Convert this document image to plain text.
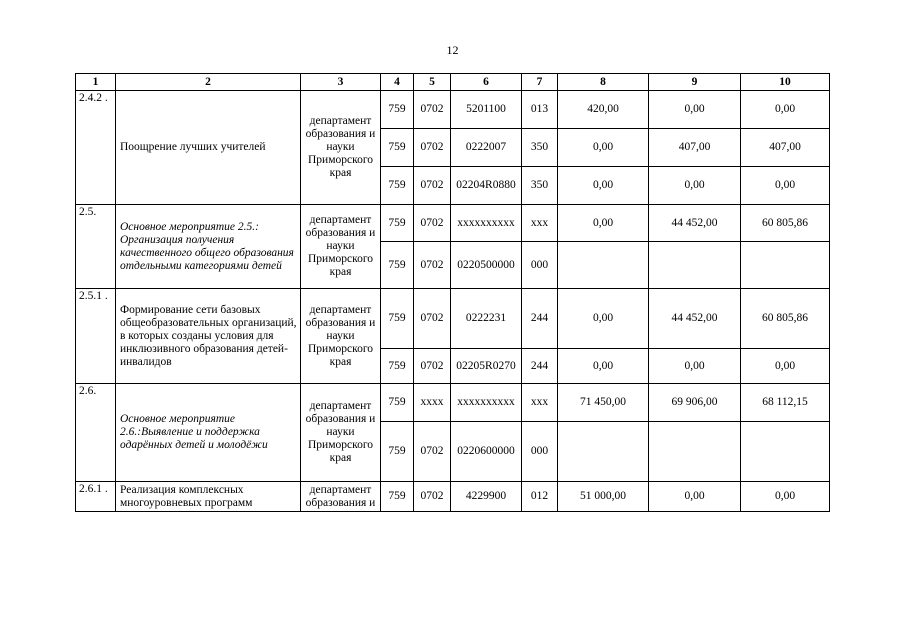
12
1	2	3	4	5	6	7	8	9	10
2.4.2 .	Поощрение лучших учителей	департамент образования и науки Приморского края	759	0702	5201100	013	420,00	0,00	0,00
			759	0702	0222007	350	0,00	407,00	407,00
			759	0702	02204R0880	350	0,00	0,00	0,00
2.5.	Основное мероприятие 2.5.: Организация получения качественного общего образования отдельными категориями детей	департамент образования и науки Приморского края	759	0702	xxxxxxxxxx	xxx	0,00	44 452,00	60 805,86
			759	0702	0220500000	000			
2.5.1 .	Формирование сети базовых общеобразовательных организаций, в которых созданы условия для инклюзивного образования детей-инвалидов	департамент образования и науки Приморского края	759	0702	0222231	244	0,00	44 452,00	60 805,86
			759	0702	02205R0270	244	0,00	0,00	0,00
2.6.	Основное мероприятие 2.6.:Выявление и поддержка одарённых детей и молодёжи	департамент образования и науки Приморского края	759	xxxx	xxxxxxxxxx	xxx	71 450,00	69 906,00	68 112,15
			759	0702	0220600000	000			
2.6.1 .	Реализация комплексных многоуровневых программ	департамент образования и	759	0702	4229900	012	51 000,00	0,00	0,00
